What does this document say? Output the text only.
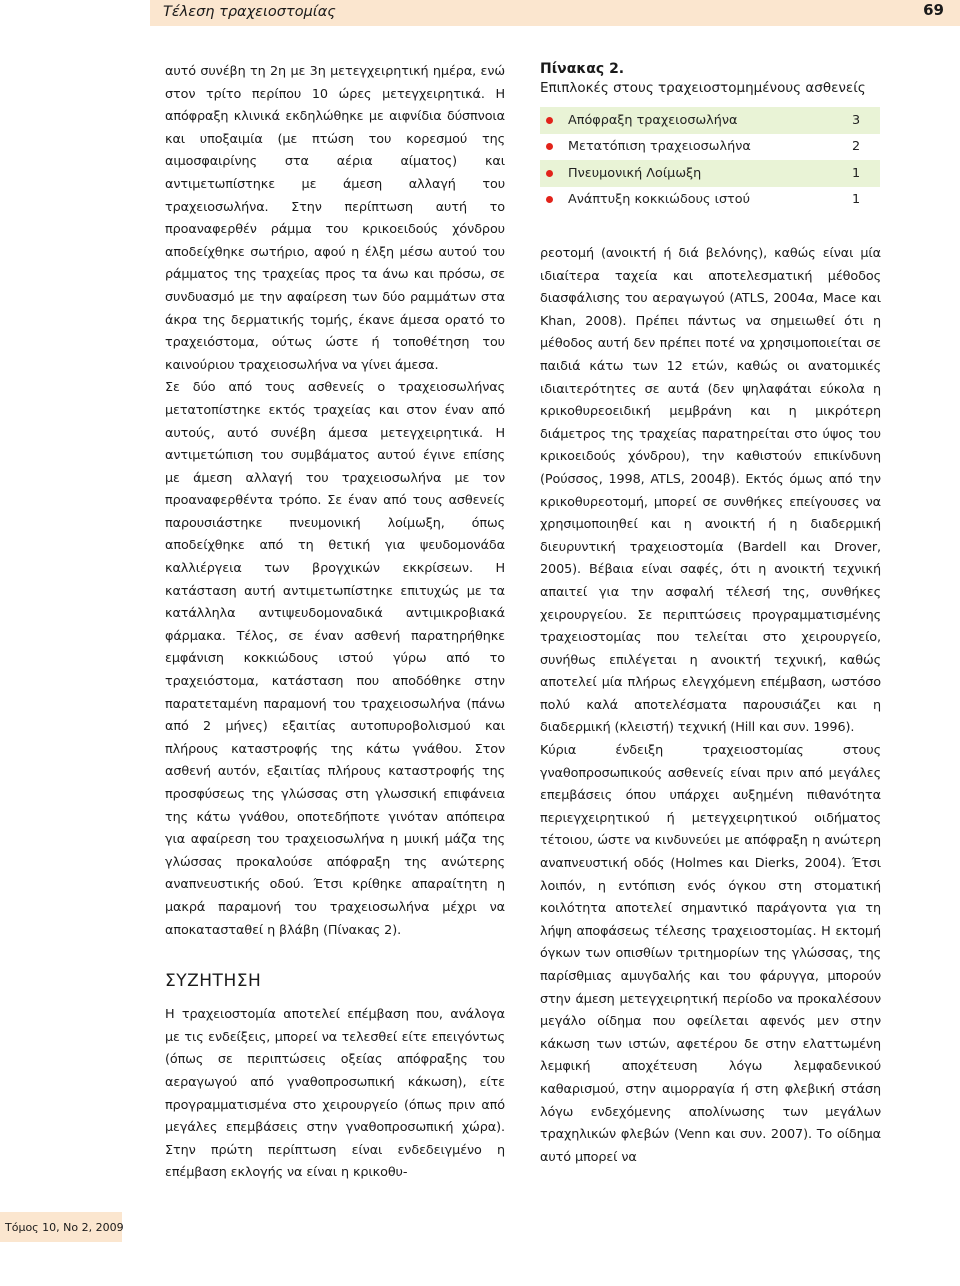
Τέλεση τραχειοστομίας	69

αυτό συνέβη τη 2η με 3η μετεγχειρητική ημέρα, ενώ στον τρίτο περίπου 10 ώρες μετεγχειρητικά. Η απόφραξη κλινικά εκδηλώθηκε με αιφνίδια δύσπνοια και υποξαιμία (με πτώση του κορεσμού της αιμοσφαιρίνης στα αέρια αίματος) και αντιμετωπίστηκε με άμεση αλλαγή του τραχειοσωλήνα. Στην περίπτωση αυτή το προαναφερθέν ράμμα του κρικοειδούς χόνδρου αποδείχθηκε σωτήριο, αφού η έλξη μέσω αυτού του ράμματος της τραχείας προς τα άνω και πρόσω, σε συνδυασμό με την αφαίρεση των δύο ραμμάτων στα άκρα της δερματικής τομής, έκανε άμεσα ορατό το τραχειόστομα, ούτως ώστε ή τοποθέτηση του καινούριου τραχειοσωλήνα να γίνει άμεσα.

Σε δύο από τους ασθενείς ο τραχειοσωλήνας μετατοπίστηκε εκτός τραχείας και στον έναν από αυτούς, αυτό συνέβη άμεσα μετεγχειρητικά. Η αντιμετώπιση του συμβάματος αυτού έγινε επίσης με άμεση αλλαγή του τραχειοσωλήνα με τον προαναφερθέντα τρόπο. Σε έναν από τους ασθενείς παρουσιάστηκε πνευμονική λοίμωξη, όπως αποδείχθηκε από τη θετική για ψευδομονάδα καλλιέργεια των βρογχικών εκκρίσεων. Η κατάσταση αυτή αντιμετωπίστηκε επιτυχώς με τα κατάλληλα αντιψευδομοναδικά αντιμικροβιακά φάρμακα. Τέλος, σε έναν ασθενή παρατηρήθηκε εμφάνιση κοκκιώδους ιστού γύρω από το τραχειόστομα, κατάσταση που αποδόθηκε στην παρατεταμένη παραμονή του τραχειοσωλήνα (πάνω από 2 μήνες) εξαιτίας αυτοπυροβολισμού και πλήρους καταστροφής της κάτω γνάθου. Στον ασθενή αυτόν, εξαιτίας πλήρους καταστροφής της προσφύσεως της γλώσσας στη γλωσσική επιφάνεια της κάτω γνάθου, οποτεδήποτε γινόταν απόπειρα για αφαίρεση του τραχειοσωλήνα η μυική μάζα της γλώσσας προκαλούσε απόφραξη της ανώτερης αναπνευστικής οδού. Έτσι κρίθηκε απαραίτητη η μακρά παραμονή του τραχειοσωλήνα μέχρι να αποκατασταθεί η βλάβη (Πίνακας 2).

ΣΥΖΗΤΗΣΗ

Η τραχειοστομία αποτελεί επέμβαση που, ανάλογα με τις ενδείξεις, μπορεί να τελεσθεί είτε επειγόντως (όπως σε περιπτώσεις οξείας απόφραξης του αεραγωγού από γναθοπροσωπική κάκωση), είτε προγραμματισμένα στο χειρουργείο (όπως πριν από μεγάλες επεμβάσεις στην γναθοπροσωπική χώρα). Στην πρώτη περίπτωση είναι ενδεδειγμένο η επέμβαση εκλογής να είναι η κρικοθυ-

Πίνακας 2.
Επιπλοκές στους τραχειοστομημένους ασθενείς
Απόφραξη τραχειοσωλήνα	3
Μετατόπιση τραχειοσωλήνα	2
Πνευμονική Λοίμωξη	1
Ανάπτυξη κοκκιώδους ιστού	1

ρεοτομή (ανοικτή ή διά βελόνης), καθώς είναι μία ιδιαίτερα ταχεία και αποτελεσματική μέθοδος διασφάλισης του αεραγωγού (ATLS, 2004α, Mace και Khan, 2008). Πρέπει πάντως να σημειωθεί ότι η μέθοδος αυτή δεν πρέπει ποτέ να χρησιμοποιείται σε παιδιά κάτω των 12 ετών, καθώς οι ανατομικές ιδιαιτερότητες σε αυτά (δεν ψηλαφάται εύκολα η κρικοθυρεοειδική μεμβράνη και η μικρότερη διάμετρος της τραχείας παρατηρείται στο ύψος του κρικοειδούς χόνδρου), την καθιστούν επικίνδυνη (Ρούσσος, 1998, ATLS, 2004β). Εκτός όμως από την κρικοθυρεοτομή, μπορεί σε συνθήκες επείγουσες να χρησιμοποιηθεί και η ανοικτή ή η διαδερμική διευρυντική τραχειοστομία (Bardell και Drover, 2005). Βέβαια είναι σαφές, ότι η ανοικτή τεχνική απαιτεί για την ασφαλή τέλεσή της, συνθήκες χειρουργείου. Σε περιπτώσεις προγραμματισμένης τραχειοστομίας που τελείται στο χειρουργείο, συνήθως επιλέγεται η ανοικτή τεχνική, καθώς αποτελεί μία πλήρως ελεγχόμενη επέμβαση, ωστόσο πολύ καλά αποτελέσματα παρουσιάζει και η διαδερμική (κλειστή) τεχνική (Hill και συν. 1996).

Κύρια ένδειξη τραχειοστομίας στους γναθοπροσωπικούς ασθενείς είναι πριν από μεγάλες επεμβάσεις όπου υπάρχει αυξημένη πιθανότητα περιεγχειρητικού ή μετεγχειρητικού οιδήματος τέτοιου, ώστε να κινδυνεύει με απόφραξη η ανώτερη αναπνευστική οδός (Holmes και Dierks, 2004). Έτσι λοιπόν, η εντόπιση ενός όγκου στη στοματική κοιλότητα αποτελεί σημαντικό παράγοντα για τη λήψη αποφάσεως τέλεσης τραχειοστομίας. Η εκτομή όγκων των οπισθίων τριτημορίων της γλώσσας, της παρίσθμιας αμυγδαλής και του φάρυγγα, μπορούν στην άμεση μετεγχειρητική περίοδο να προκαλέσουν μεγάλο οίδημα που οφείλεται αφενός μεν στην κάκωση των ιστών, αφετέρου δε στην ελαττωμένη λεμφική αποχέτευση λόγω λεμφαδενικού καθαρισμού, στην αιμορραγία ή στη φλεβική στάση λόγω ενδεχόμενης απολίνωσης των μεγάλων τραχηλικών φλεβών (Venn και συν. 2007). Το οίδημα αυτό μπορεί να

Τόμος 10, Νο 2, 2009
